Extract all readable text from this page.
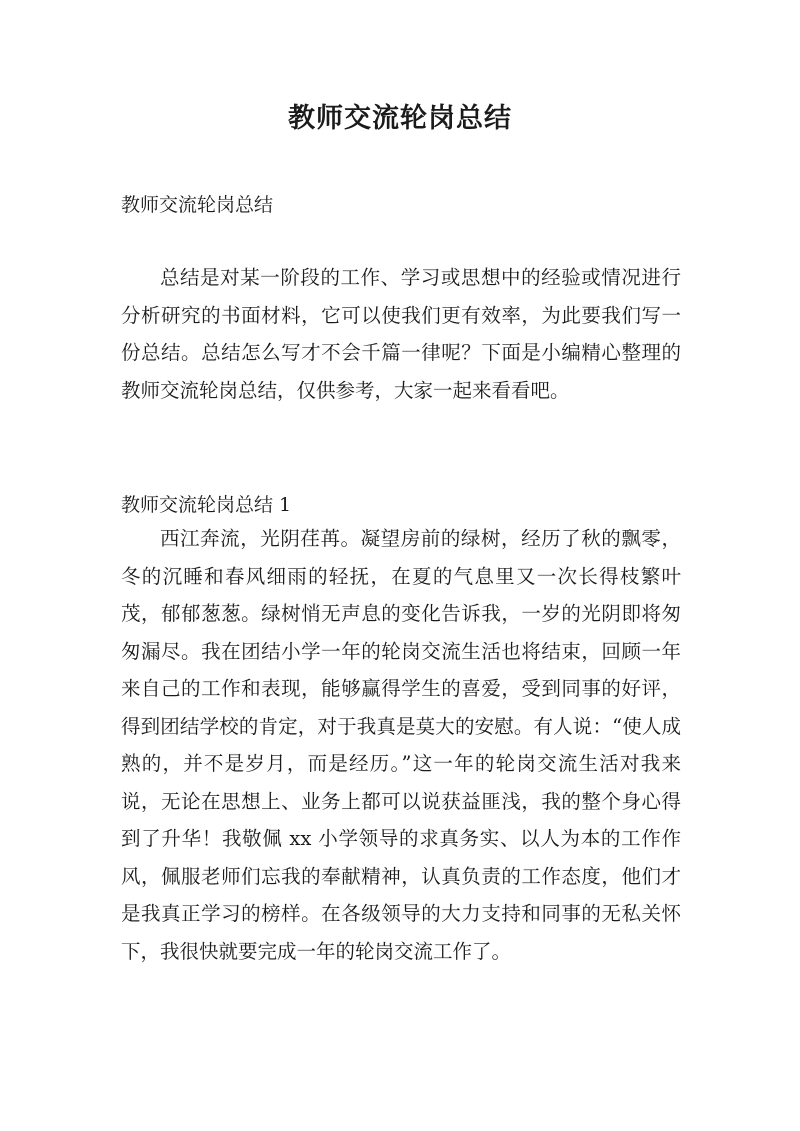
教师交流轮岗总结

教师交流轮岗总结

总结是对某一阶段的工作、学习或思想中的经验或情况进行分析研究的书面材料，它可以使我们更有效率，为此要我们写一份总结。总结怎么写才不会千篇一律呢？下面是小编精心整理的教师交流轮岗总结，仅供参考，大家一起来看看吧。

教师交流轮岗总结 1

西江奔流，光阴荏苒。凝望房前的绿树，经历了秋的飘零，冬的沉睡和春风细雨的轻抚，在夏的气息里又一次长得枝繁叶茂，郁郁葱葱。绿树悄无声息的变化告诉我，一岁的光阴即将匆匆漏尽。我在团结小学一年的轮岗交流生活也将结束，回顾一年来自己的工作和表现，能够赢得学生的喜爱，受到同事的好评，得到团结学校的肯定，对于我真是莫大的安慰。有人说：“使人成熟的，并不是岁月，而是经历。”这一年的轮岗交流生活对我来说，无论在思想上、业务上都可以说获益匪浅，我的整个身心得到了升华！我敬佩 xx 小学领导的求真务实、以人为本的工作作风，佩服老师们忘我的奉献精神，认真负责的工作态度，他们才是我真正学习的榜样。在各级领导的大力支持和同事的无私关怀下，我很快就要完成一年的轮岗交流工作了。
